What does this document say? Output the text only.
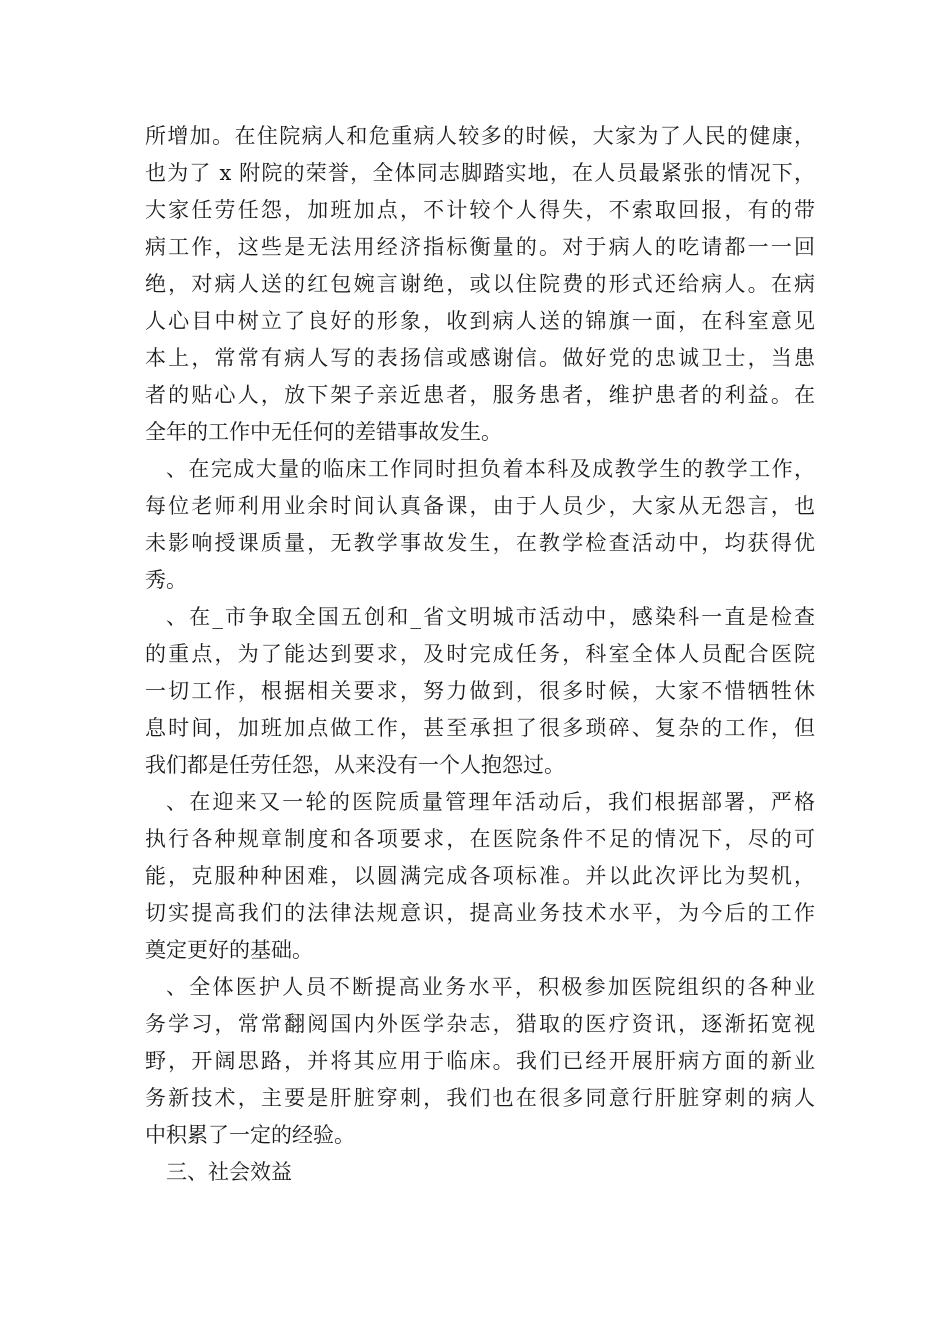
所增加。在住院病人和危重病人较多的时候，大家为了人民的健康，
也为了 x 附院的荣誉，全体同志脚踏实地，在人员最紧张的情况下，
大家任劳任怨，加班加点，不计较个人得失，不索取回报，有的带
病工作，这些是无法用经济指标衡量的。对于病人的吃请都一一回
绝，对病人送的红包婉言谢绝，或以住院费的形式还给病人。在病
人心目中树立了良好的形象，收到病人送的锦旗一面，在科室意见
本上，常常有病人写的表扬信或感谢信。做好党的忠诚卫士，当患
者的贴心人，放下架子亲近患者，服务患者，维护患者的利益。在
全年的工作中无任何的差错事故发生。
、在完成大量的临床工作同时担负着本科及成教学生的教学工作，
每位老师利用业余时间认真备课，由于人员少，大家从无怨言，也
未影响授课质量，无教学事故发生，在教学检查活动中，均获得优
秀。
、在_市争取全国五创和_省文明城市活动中，感染科一直是检查
的重点，为了能达到要求，及时完成任务，科室全体人员配合医院
一切工作，根据相关要求，努力做到，很多时候，大家不惜牺牲休
息时间，加班加点做工作，甚至承担了很多琐碎、复杂的工作，但
我们都是任劳任怨，从来没有一个人抱怨过。
、在迎来又一轮的医院质量管理年活动后，我们根据部署，严格
执行各种规章制度和各项要求，在医院条件不足的情况下，尽的可
能，克服种种困难，以圆满完成各项标准。并以此次评比为契机，
切实提高我们的法律法规意识，提高业务技术水平，为今后的工作
奠定更好的基础。
、全体医护人员不断提高业务水平，积极参加医院组织的各种业
务学习，常常翻阅国内外医学杂志，猎取的医疗资讯，逐渐拓宽视
野，开阔思路，并将其应用于临床。我们已经开展肝病方面的新业
务新技术，主要是肝脏穿刺，我们也在很多同意行肝脏穿刺的病人
中积累了一定的经验。
三、社会效益
